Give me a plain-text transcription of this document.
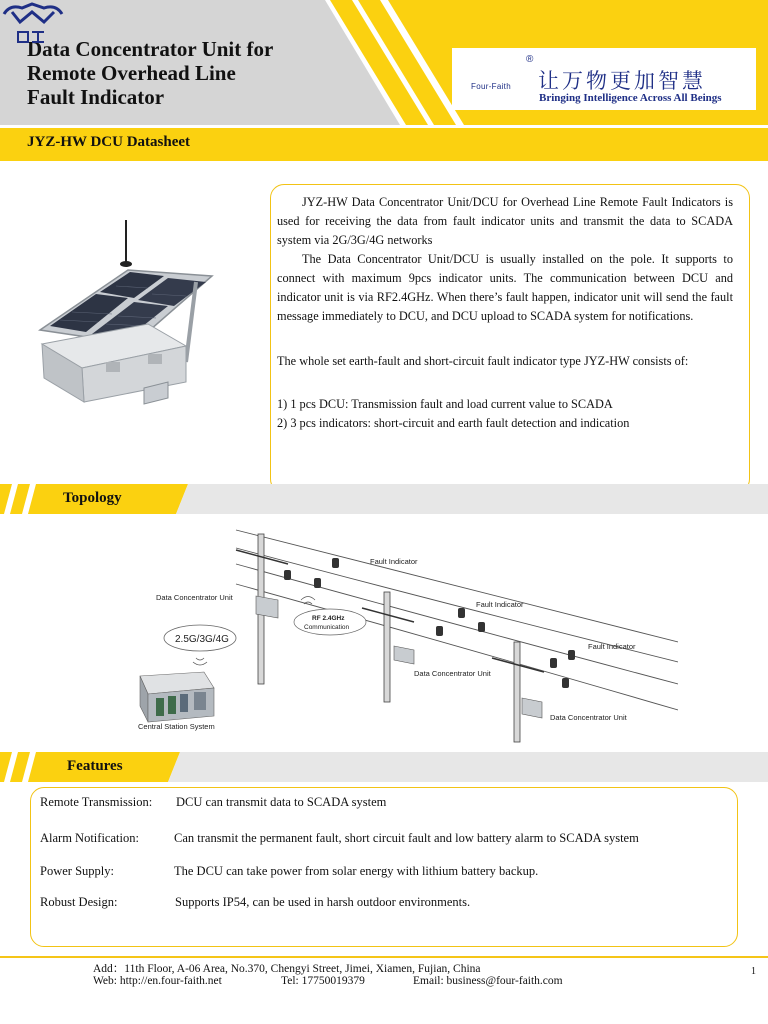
Data Concentrator Unit for
Remote Overhead Line
Fault Indicator	Four-Faith
®
让万物更加智慧
Bringing Intelligence Across All Beings
JYZ-HW DCU Datasheet
JYZ-HW Data Concentrator Unit/DCU for Overhead Line Remote Fault Indicators is used for receiving the data from fault indicator units and transmit the data to SCADA system via 2G/3G/4G networks
The Data Concentrator Unit/DCU is usually installed on the pole. It supports to connect with maximum 9pcs indicator units. The communication between DCU and indicator unit is via RF2.4GHz. When there’s fault happen, indicator unit will send the fault message immediately to DCU, and DCU upload to SCADA system for notifications.
The whole set earth-fault and short-circuit fault indicator type JYZ-HW consists of:
1) 1 pcs DCU: Transmission fault and load current value to SCADA
2) 3 pcs indicators: short-circuit and earth fault detection and indication
Topology
Fault Indicator
Fault Indicator
Fault Indicator
Data Concentrator Unit
Data Concentrator Unit
Data Concentrator Unit
RF 2.4GHz
Communication
2.5G/3G/4G
Central Station System
Features
Remote Transmission: DCU can transmit data to SCADA system
Alarm Notification:	Can transmit the permanent fault, short circuit fault and low battery alarm to SCADA system
Power Supply:	The DCU can take power from solar energy with lithium battery backup.
Robust Design:	Supports IP54, can be used in harsh outdoor environments.
Add：11th Floor, A-06 Area, No.370, Chengyi Street, Jimei, Xiamen, Fujian, China
Web: http://en.four-faith.net	Tel: 17750019379	Email: business@four-faith.com
1
